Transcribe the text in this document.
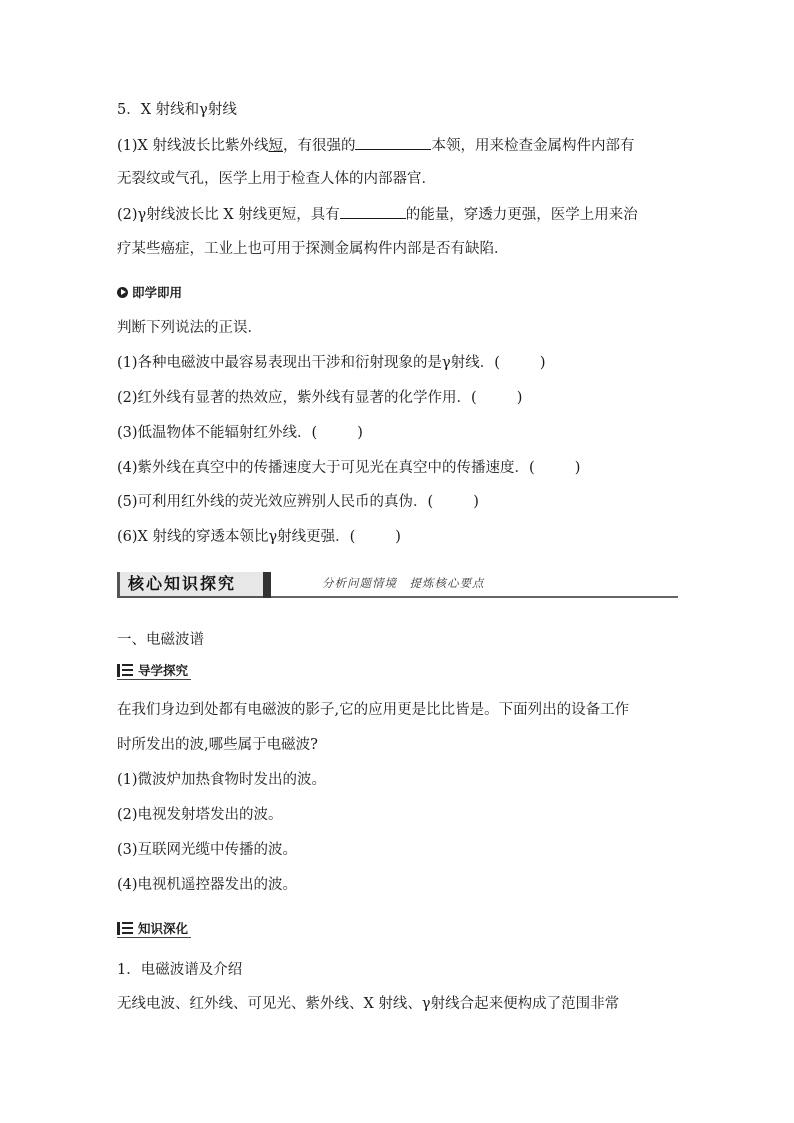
5．X 射线和γ射线
(1)X 射线波长比紫外线短，有很强的	本领，用来检查金属构件内部有
无裂纹或气孔，医学上用于检查人体的内部器官．
(2)γ射线波长比 X 射线更短，具有	的能量，穿透力更强，医学上用来治
疗某些癌症，工业上也可用于探测金属构件内部是否有缺陷．
即学即用
判断下列说法的正误．
(1)各种电磁波中最容易表现出干涉和衍射现象的是γ射线．(	)
(2)红外线有显著的热效应，紫外线有显著的化学作用．(	)
(3)低温物体不能辐射红外线．(	)
(4)紫外线在真空中的传播速度大于可见光在真空中的传播速度．(	)
(5)可利用红外线的荧光效应辨别人民币的真伪．(	)
(6)X 射线的穿透本领比γ射线更强．(	)
核心知识探究	分析问题情境　提炼核心要点
一、电磁波谱
导学探究
在我们身边到处都有电磁波的影子,它的应用更是比比皆是。下面列出的设备工作
时所发出的波,哪些属于电磁波?
(1)微波炉加热食物时发出的波。
(2)电视发射塔发出的波。
(3)互联网光缆中传播的波。
(4)电视机遥控器发出的波。
知识深化
1．电磁波谱及介绍
无线电波、红外线、可见光、紫外线、X 射线、γ射线合起来便构成了范围非常
